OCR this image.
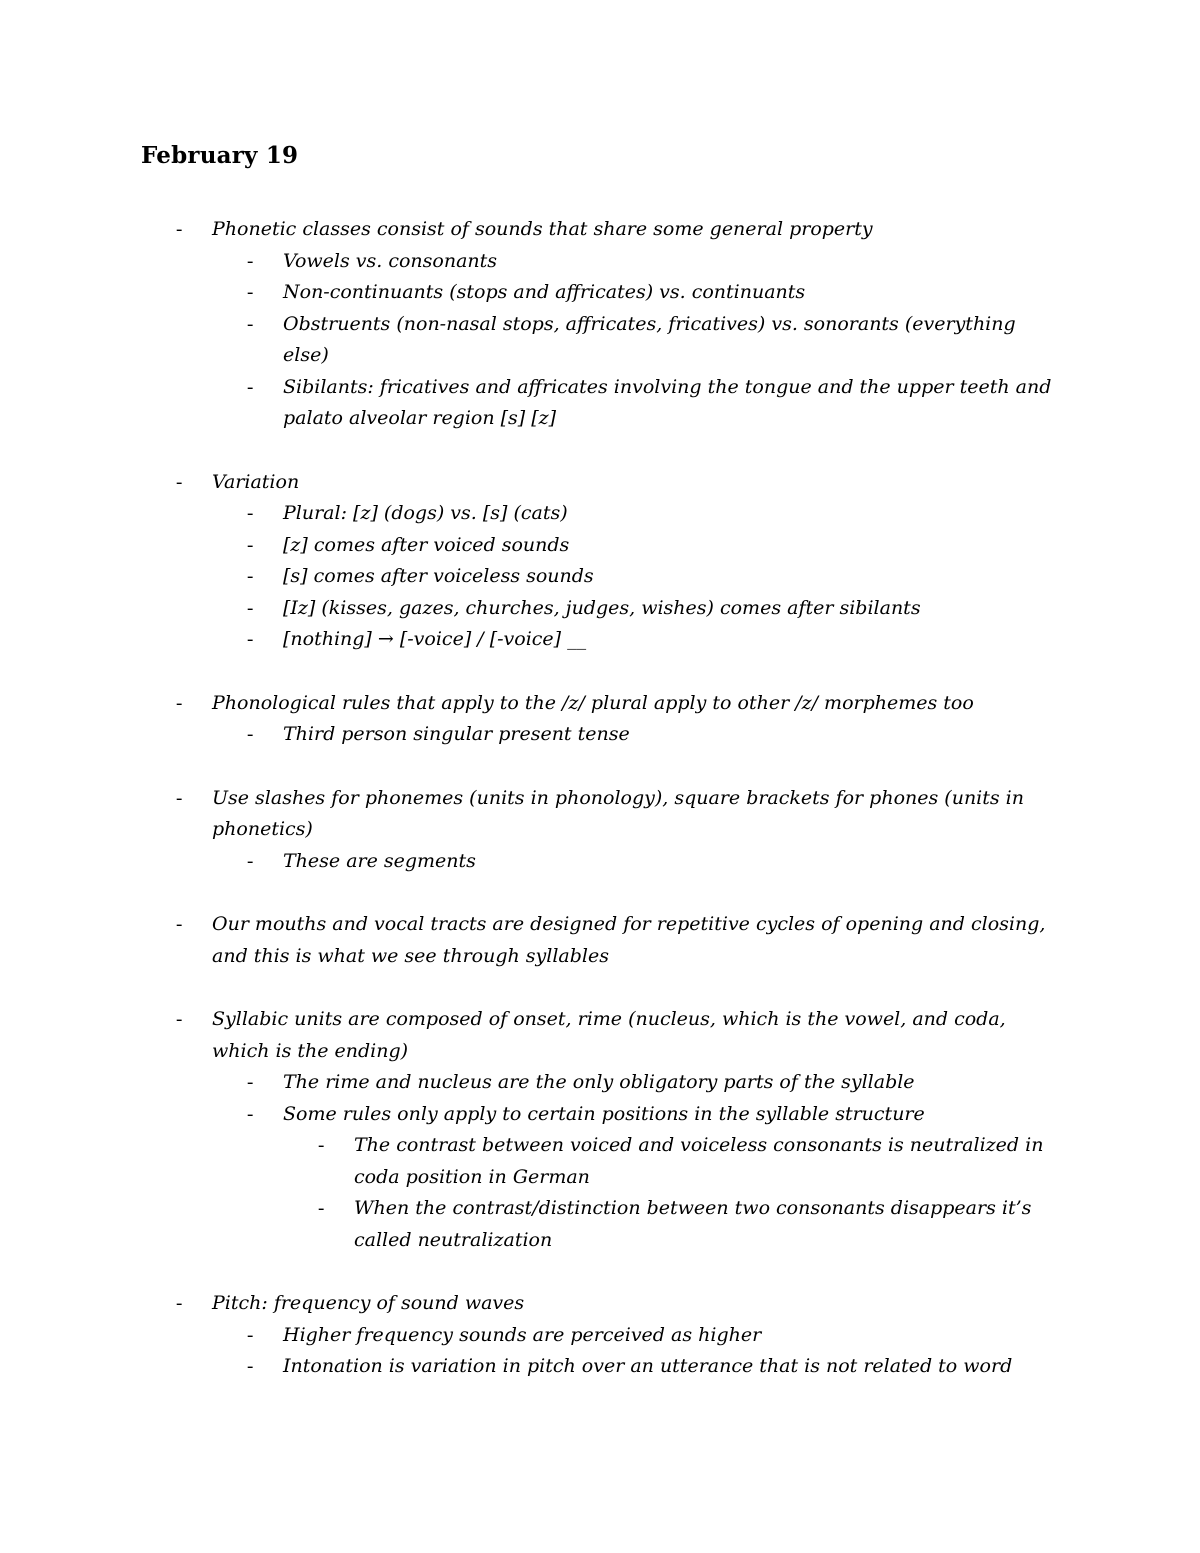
February 19
- Phonetic classes consist of sounds that share some general property
- Vowels vs. consonants
- Non-continuants (stops and affricates) vs. continuants
- Obstruents (non-nasal stops, affricates, fricatives) vs. sonorants (everything
else)
- Sibilants: fricatives and affricates involving the tongue and the upper teeth and
palato alveolar region [s] [z]
- Variation
- Plural: [z] (dogs) vs. [s] (cats)
- [z] comes after voiced sounds
- [s] comes after voiceless sounds
- [Iz] (kisses, gazes, churches, judges, wishes) comes after sibilants
- [nothing] → [-voice] / [-voice] __
- Phonological rules that apply to the /z/ plural apply to other /z/ morphemes too
- Third person singular present tense
- Use slashes for phonemes (units in phonology), square brackets for phones (units in
phonetics)
- These are segments
- Our mouths and vocal tracts are designed for repetitive cycles of opening and closing,
and this is what we see through syllables
- Syllabic units are composed of onset, rime (nucleus, which is the vowel, and coda,
which is the ending)
- The rime and nucleus are the only obligatory parts of the syllable
- Some rules only apply to certain positions in the syllable structure
- The contrast between voiced and voiceless consonants is neutralized in
coda position in German
- When the contrast/distinction between two consonants disappears it’s
called neutralization
- Pitch: frequency of sound waves
- Higher frequency sounds are perceived as higher
- Intonation is variation in pitch over an utterance that is not related to word
